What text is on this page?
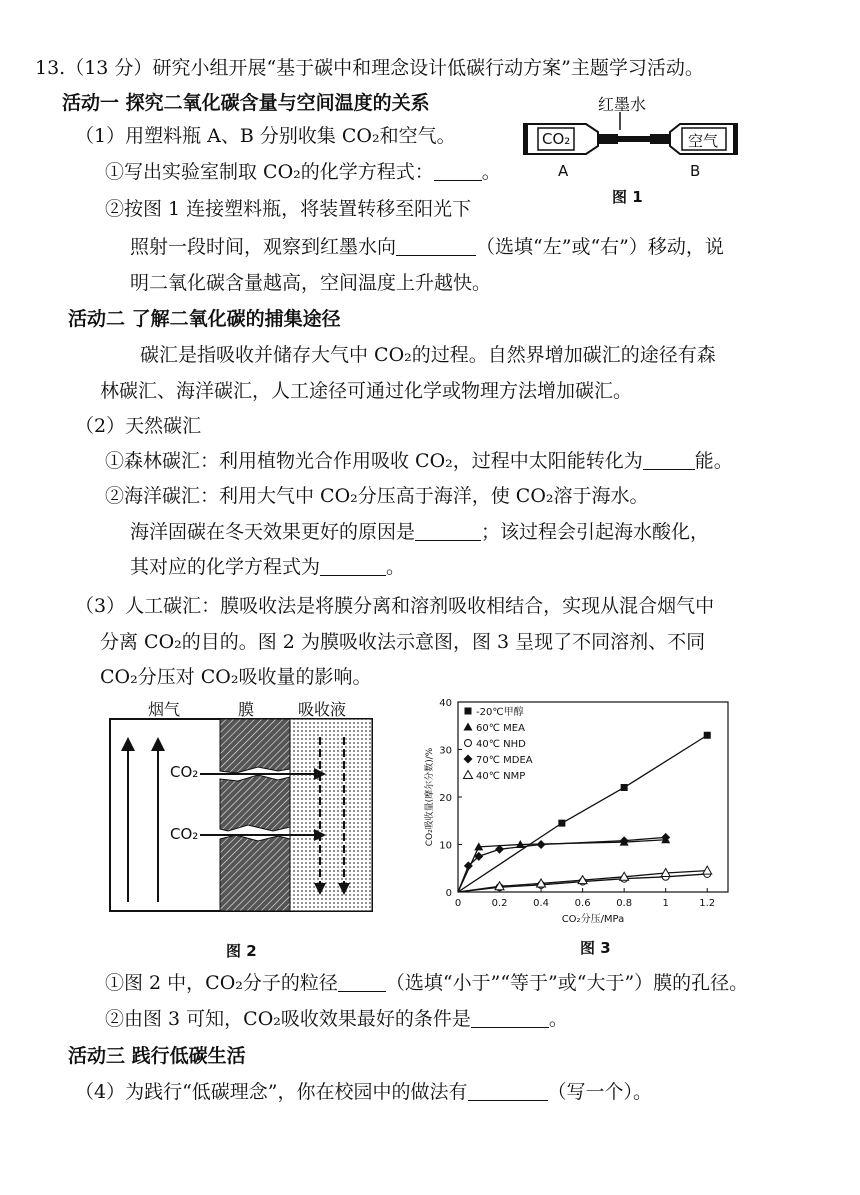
13.（13 分）研究小组开展“基于碳中和理念设计低碳行动方案”主题学习活动。
活动一 探究二氧化碳含量与空间温度的关系
（1）用塑料瓶 A、B 分别收集 CO₂和空气。
①写出实验室制取 CO₂的化学方程式：	。
②按图 1 连接塑料瓶，将装置转移至阳光下
照射一段时间，观察到红墨水向	（选填“左”或“右”）移动，说
明二氧化碳含量越高，空间温度上升越快。
红墨水
CO₂	空气
A	B
图 1
活动二 了解二氧化碳的捕集途径
碳汇是指吸收并储存大气中 CO₂的过程。自然界增加碳汇的途径有森
林碳汇、海洋碳汇，人工途径可通过化学或物理方法增加碳汇。
（2）天然碳汇
①森林碳汇：利用植物光合作用吸收 CO₂，过程中太阳能转化为	能。
②海洋碳汇：利用大气中 CO₂分压高于海洋，使 CO₂溶于海水。
海洋固碳在冬天效果更好的原因是	；该过程会引起海水酸化，
其对应的化学方程式为	。
（3）人工碳汇：膜吸收法是将膜分离和溶剂吸收相结合，实现从混合烟气中
分离 CO₂的目的。图 2 为膜吸收法示意图，图 3 呈现了不同溶剂、不同
CO₂分压对 CO₂吸收量的影响。
烟气	膜	吸收液
CO₂
CO₂
图 2
0	0.2	0.4	0.6	0.8	1	1.2
0
10
20
30
40
CO₂分压/MPa
CO₂吸收量(摩尔分数)/%
-20℃甲醇
60℃ MEA
40℃ NHD
70℃ MDEA
40℃ NMP
图 3
①图 2 中，CO₂分子的粒径	（选填“小于”“等于”或“大于”）膜的孔径。
②由图 3 可知，CO₂吸收效果最好的条件是	。
活动三 践行低碳生活
（4）为践行“低碳理念”，你在校园中的做法有	（写一个）。
